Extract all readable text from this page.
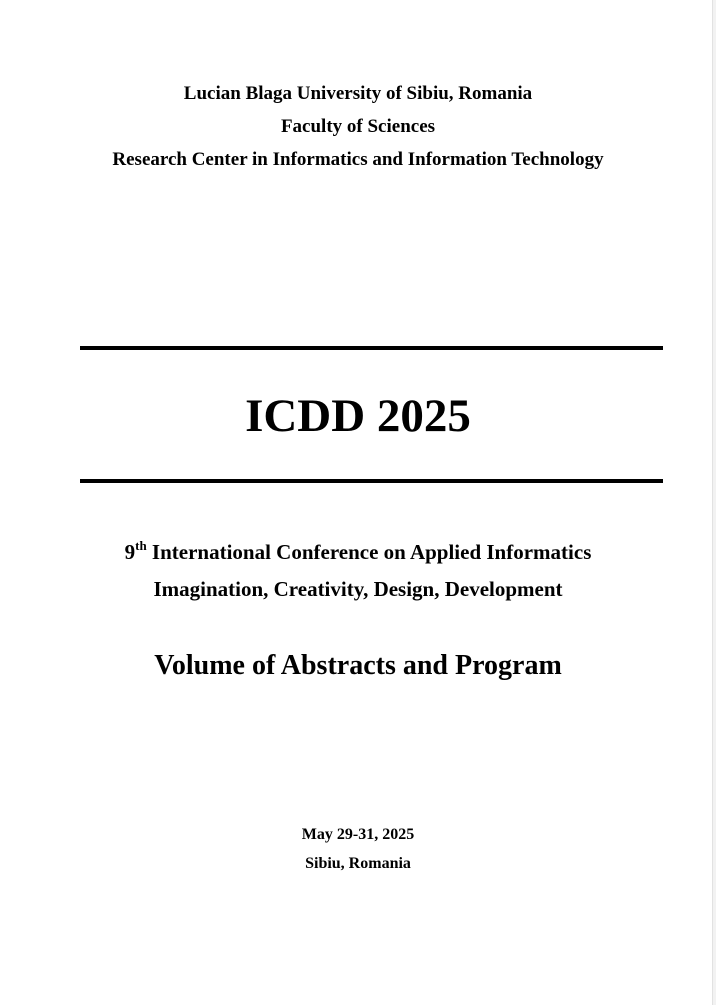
Lucian Blaga University of Sibiu, Romania
Faculty of Sciences
Research Center in Informatics and Information Technology
ICDD 2025
9th International Conference on Applied Informatics
Imagination, Creativity, Design, Development
Volume of Abstracts and Program
May 29-31, 2025
Sibiu, Romania
